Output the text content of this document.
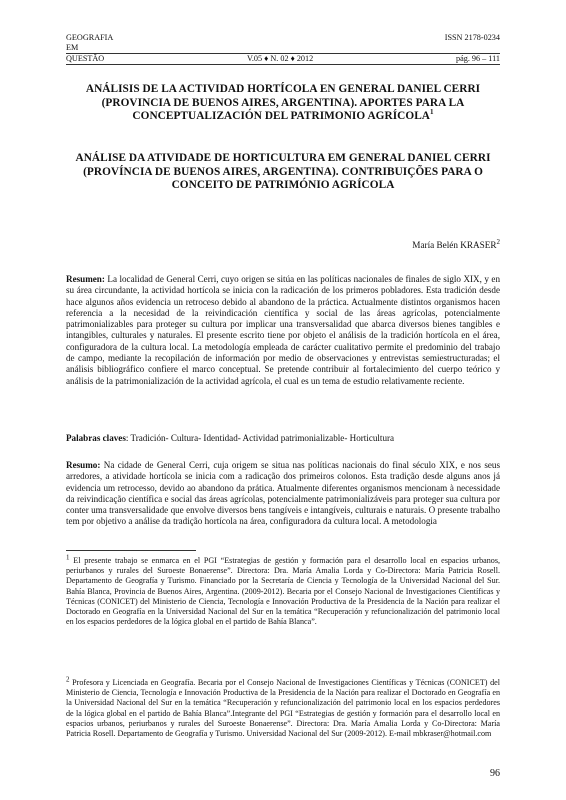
GEOGRAFIA	ISSN 2178-0234
EM
QUESTÃO	V.05 ♦ N. 02 ♦ 2012	pág. 96 – 111
ANÁLISIS DE LA ACTIVIDAD HORTÍCOLA EN GENERAL DANIEL CERRI (PROVINCIA DE BUENOS AIRES, ARGENTINA). APORTES PARA LA CONCEPTUALIZACIÓN DEL PATRIMONIO AGRÍCOLA$^1$
ANÁLISE DA ATIVIDADE DE HORTICULTURA EM GENERAL DANIEL CERRI (PROVÍNCIA DE BUENOS AIRES, ARGENTINA). CONTRIBUIÇÕES PARA O CONCEITO DE PATRIMÓNIO AGRÍCOLA
María Belén KRASER$^2$
Resumen: La localidad de General Cerri, cuyo origen se sitúa en las políticas nacionales de finales de siglo XIX, y en su área circundante, la actividad hortícola se inicia con la radicación de los primeros pobladores. Esta tradición desde hace algunos años evidencia un retroceso debido al abandono de la práctica. Actualmente distintos organismos hacen referencia a la necesidad de la reivindicación científica y social de las áreas agrícolas, potencialmente patrimonializables para proteger su cultura por implicar una transversalidad que abarca diversos bienes tangibles e intangibles, culturales y naturales. El presente escrito tiene por objeto el análisis de la tradición hortícola en el área, configuradora de la cultura local. La metodología empleada de carácter cualitativo permite el predominio del trabajo de campo, mediante la recopilación de información por medio de observaciones y entrevistas semiestructuradas; el análisis bibliográfico confiere el marco conceptual. Se pretende contribuir al fortalecimiento del cuerpo teórico y análisis de la patrimonialización de la actividad agrícola, el cual es un tema de estudio relativamente reciente.
Palabras claves: Tradición- Cultura- Identidad- Actividad patrimonializable- Horticultura
Resumo: Na cidade de General Cerri, cuja origem se situa nas políticas nacionais do final século XIX, e nos seus arredores, a atividade hortícola se inicia com a radicação dos primeiros colonos. Esta tradição desde alguns anos já evidencia um retrocesso, devido ao abandono da prática. Atualmente diferentes organismos mencionam à necessidade da reivindicação científica e social das áreas agrícolas, potencialmente patrimonializáveis para proteger sua cultura por conter uma transversalidade que envolve diversos bens tangíveis e intangíveis, culturais e naturais. O presente trabalho tem por objetivo a análise da tradição hortícola na área, configuradora da cultura local. A metodologia
$^1$ El presente trabajo se enmarca en el PGI “Estrategias de gestión y formación para el desarrollo local en espacios urbanos, periurbanos y rurales del Suroeste Bonaerense”. Directora: Dra. María Amalia Lorda y Co-Directora: María Patricia Rosell. Departamento de Geografía y Turismo. Financiado por la Secretaría de Ciencia y Tecnología de la Universidad Nacional del Sur. Bahía Blanca, Provincia de Buenos Aires, Argentina. (2009-2012). Becaria por el Consejo Nacional de Investigaciones Científicas y Técnicas (CONICET) del Ministerio de Ciencia, Tecnología e Innovación Productiva de la Presidencia de la Nación para realizar el Doctorado en Geografía en la Universidad Nacional del Sur en la temática “Recuperación y refuncionalización del patrimonio local en los espacios perdedores de la lógica global en el partido de Bahía Blanca”.
$^2$ Profesora y Licenciada en Geografía. Becaria por el Consejo Nacional de Investigaciones Científicas y Técnicas (CONICET) del Ministerio de Ciencia, Tecnología e Innovación Productiva de la Presidencia de la Nación para realizar el Doctorado en Geografía en la Universidad Nacional del Sur en la temática “Recuperación y refuncionalización del patrimonio local en los espacios perdedores de la lógica global en el partido de Bahía Blanca”.Integrante del PGI “Estrategias de gestión y formación para el desarrollo local en espacios urbanos, periurbanos y rurales del Suroeste Bonaerense”. Directora: Dra. María Amalia Lorda y Co-Directora: María Patricia Rosell. Departamento de Geografía y Turismo. Universidad Nacional del Sur (2009-2012). E-mail mbkraser@hotmail.com
96
